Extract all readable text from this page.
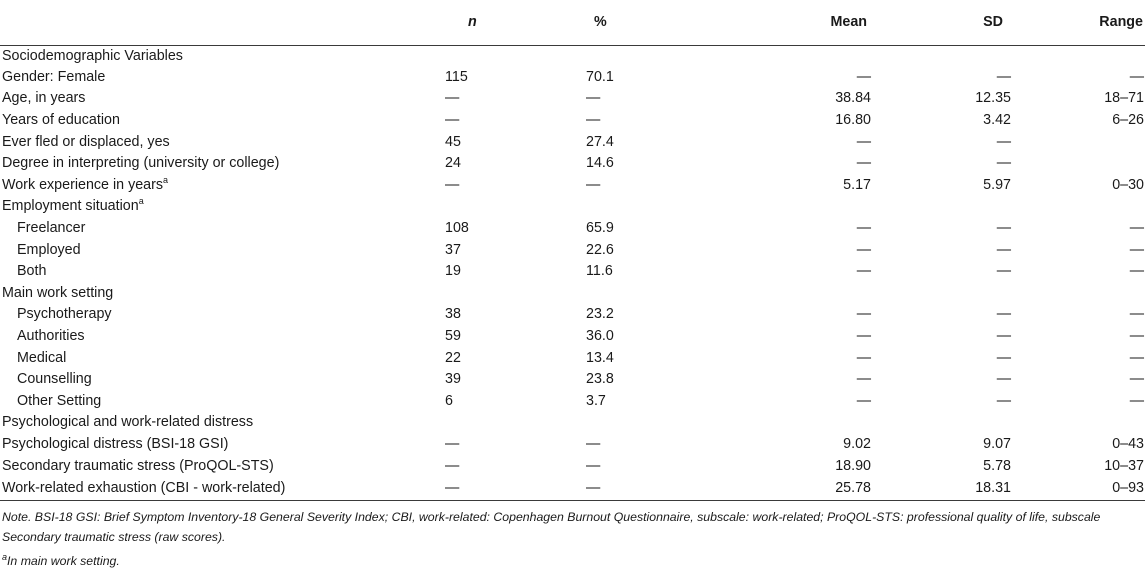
	n	%	Mean	SD	Range
Sociodemographic Variables					
Gender: Female	115	70.1	—	—	—
Age, in years	—	—	38.84	12.35	18–71
Years of education	—	—	16.80	3.42	6–26
Ever fled or displaced, yes	45	27.4	—	—	
Degree in interpreting (university or college)	24	14.6	—	—	
Work experience in years$^a$	—	—	5.17	5.97	0–30
Employment situation$^a$					
Freelancer	108	65.9	—	—	—
Employed	37	22.6	—	—	—
Both	19	11.6	—	—	—
Main work setting					
Psychotherapy	38	23.2	—	—	—
Authorities	59	36.0	—	—	—
Medical	22	13.4	—	—	—
Counselling	39	23.8	—	—	—
Other Setting	6	3.7	—	—	—
Psychological and work-related distress					
Psychological distress (BSI-18 GSI)	—	—	9.02	9.07	0–43
Secondary traumatic stress (ProQOL-STS)	—	—	18.90	5.78	10–37
Work-related exhaustion (CBI - work-related)	—	—	25.78	18.31	0–93

Note. BSI-18 GSI: Brief Symptom Inventory-18 General Severity Index; CBI, work-related: Copenhagen Burnout Questionnaire, subscale: work-related; ProQOL-STS: professional quality of life, subscale Secondary traumatic stress (raw scores).

$^a$In main work setting.
